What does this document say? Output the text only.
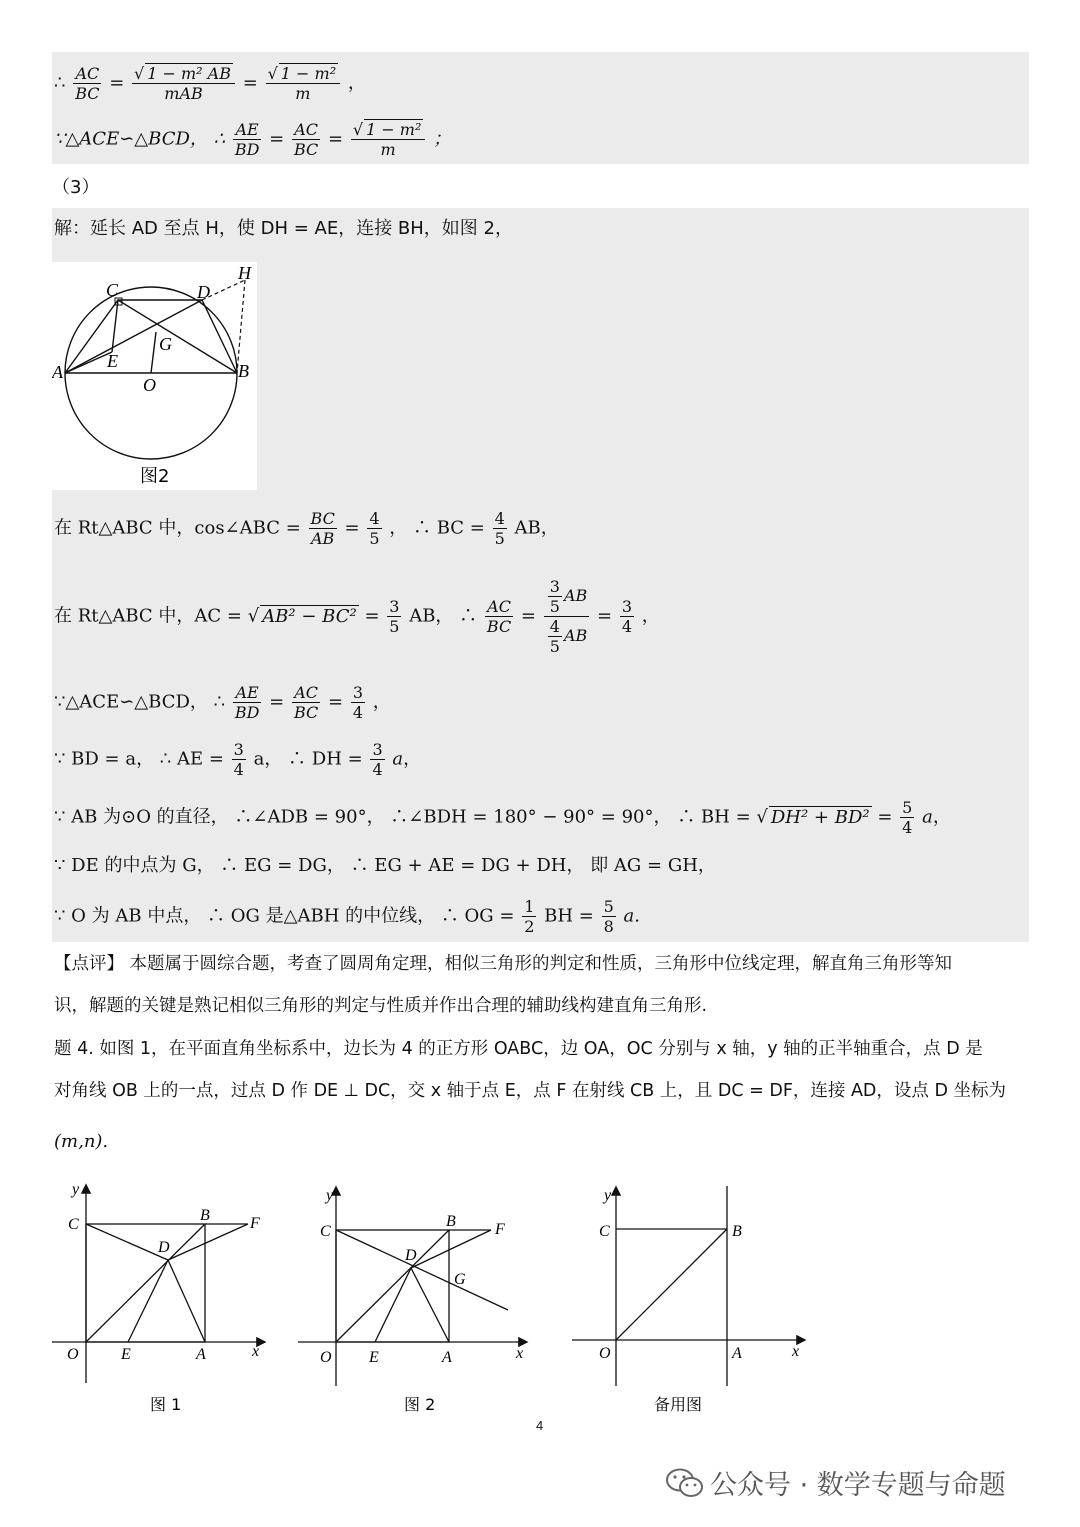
∴ $\frac{AC}{BC} = \frac{\text{√ 1 − m² AB}}{\text{mAB}} = \frac{\text{√ 1 − m²}}{m}$ ，
∵△ACE∽△BCD， ∴ $\frac{AE}{BD} = \frac{AC}{BC} = \frac{\text{√ 1 − m²}}{m}$ ；
（3）
解：延长 AD 至点 H，使 DH = AE，连接 BH，如图 2，
A	B
C	D
E
G
O
H
图2
在 Rt△ABC 中，cos∠ABC = $\frac{BC}{AB} = \frac{4}{5}$ ， ∴ BC = $\frac{4}{5}$ AB，
在 Rt△ABC 中，AC = √ $AB^2 - BC^2 = \frac{3}{5}$ AB， ∴ $\frac{AC}{BC} = \frac{\frac{3}{5} AB}{\frac{4}{5} AB} = \frac{3}{4}$ ，
∵△ACE∽△BCD， ∴ $\frac{AE}{BD} = \frac{AC}{BC} = \frac{3}{4}$ ，
∵ BD = a， ∴ AE = $\frac{3}{4}$ a， ∴ DH = $\frac{3}{4}$ a，
∵ AB 为⊙O 的直径， ∴∠ADB = 90°， ∴∠BDH = 180° − 90° = 90°， ∴ BH = √ $DH^2 + BD^2 = \frac{5}{4}$ a，
∵ DE 的中点为 G， ∴ EG = DG， ∴ EG + AE = DG + DH， 即 AG = GH，
∵ O 为 AB 中点， ∴ OG 是△ABH 的中位线， ∴ OG = $\frac{1}{2}$ BH = $\frac{5}{8} a$.
【点评】 本题属于圆综合题，考查了圆周角定理，相似三角形的判定和性质，三角形中位线定理，解直角三角形等知
识，解题的关键是熟记相似三角形的判定与性质并作出合理的辅助线构建直角三角形.
题 4. 如图 1，在平面直角坐标系中，边长为 4 的正方形 OABC，边 OA，OC 分别与 x 轴，y 轴的正半轴重合，点 D 是
对角线 OB 上的一点，过点 D 作 DE ⊥ DC，交 x 轴于点 E，点 F 在射线 CB 上，且 DC = DF，连接 AD，设点 D 坐标为
(m,n).
y
x
O
C
B	F
D
E	A
图 1
y
x
O
C
B F
D
E	A
G
图 2
y
x
O
C	B
A
备用图
4
公众号 · 数学专题与命题
